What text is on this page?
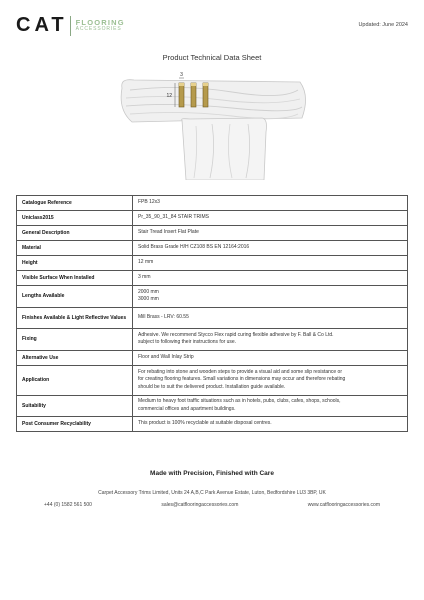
CAT FLOORING
ACCESSORIES
Updated: June 2024
Product Technical Data Sheet
3
12
Catalogue Reference	FPB 12x3

Uniclass2015	Pr_35_90_31_84 STAIR TRIMS

General Description	Stair Tread Insert Flat Plate

Material	Solid Brass Grade H/H CZ108 BS EN 12164:2016

Height	12 mm

Visible Surface When Installed	3 mm

Lengths Available	2000 mm
3000 mm

Finishes Available & Light Reflective Values	Mill Brass - LRV: 60.55

Fixing	Adhesive. We recommend Stycco Flex rapid curing flexible adhesive by F. Ball & Co Ltd.
subject to following their instructions for use.

Alternative Use	Floor and Wall Inlay Strip

Application	For rebating into stone and wooden steps to provide a visual aid and some slip resistance or
for creating flooring features. Small variations in dimensions may occur and therefore rebating
should be to suit the delivered product. Installation guide available.

Suitability	Medium to heavy foot traffic situations such as in hotels, pubs, clubs, cafes, shops, schools,
commercial offices and apartment buildings.

Post Consumer Recyclability	This product is 100% recyclable at suitable disposal centres.
Made with Precision, Finished with Care
Carpet Accessory Trims Limited, Units 24 A,B,C Park Avenue Estate, Luton, Bedfordshire LU3 3BP, UK
+44 (0) 1582 561 500	sales@catflooringaccessories.com	www.catflooringaccessories.com
